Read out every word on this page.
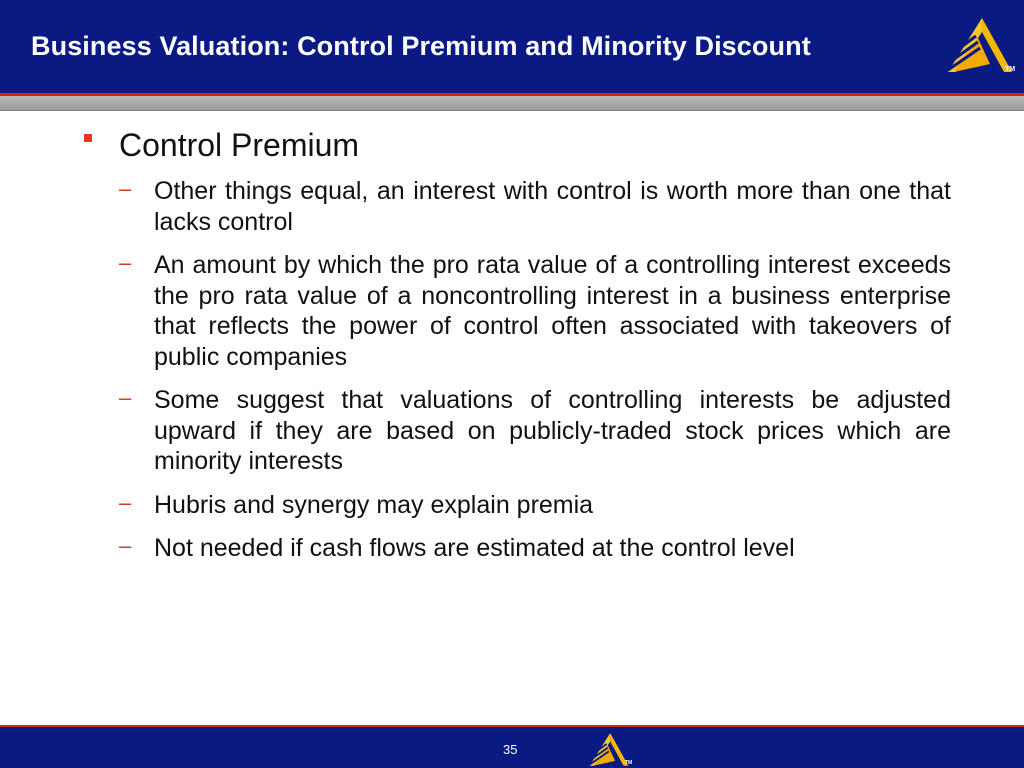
Business Valuation: Control Premium and Minority Discount
TM
Control Premium
– Other things equal, an interest with control is worth more than one that lacks control
– An amount by which the pro rata value of a controlling interest exceeds the pro rata value of a noncontrolling interest in a business enterprise that reflects the power of control often associated with takeovers of public companies
– Some suggest that valuations of controlling interests be adjusted upward if they are based on publicly-traded stock prices which are minority interests
– Hubris and synergy may explain premia
– Not needed if cash flows are estimated at the control level
35
TM
